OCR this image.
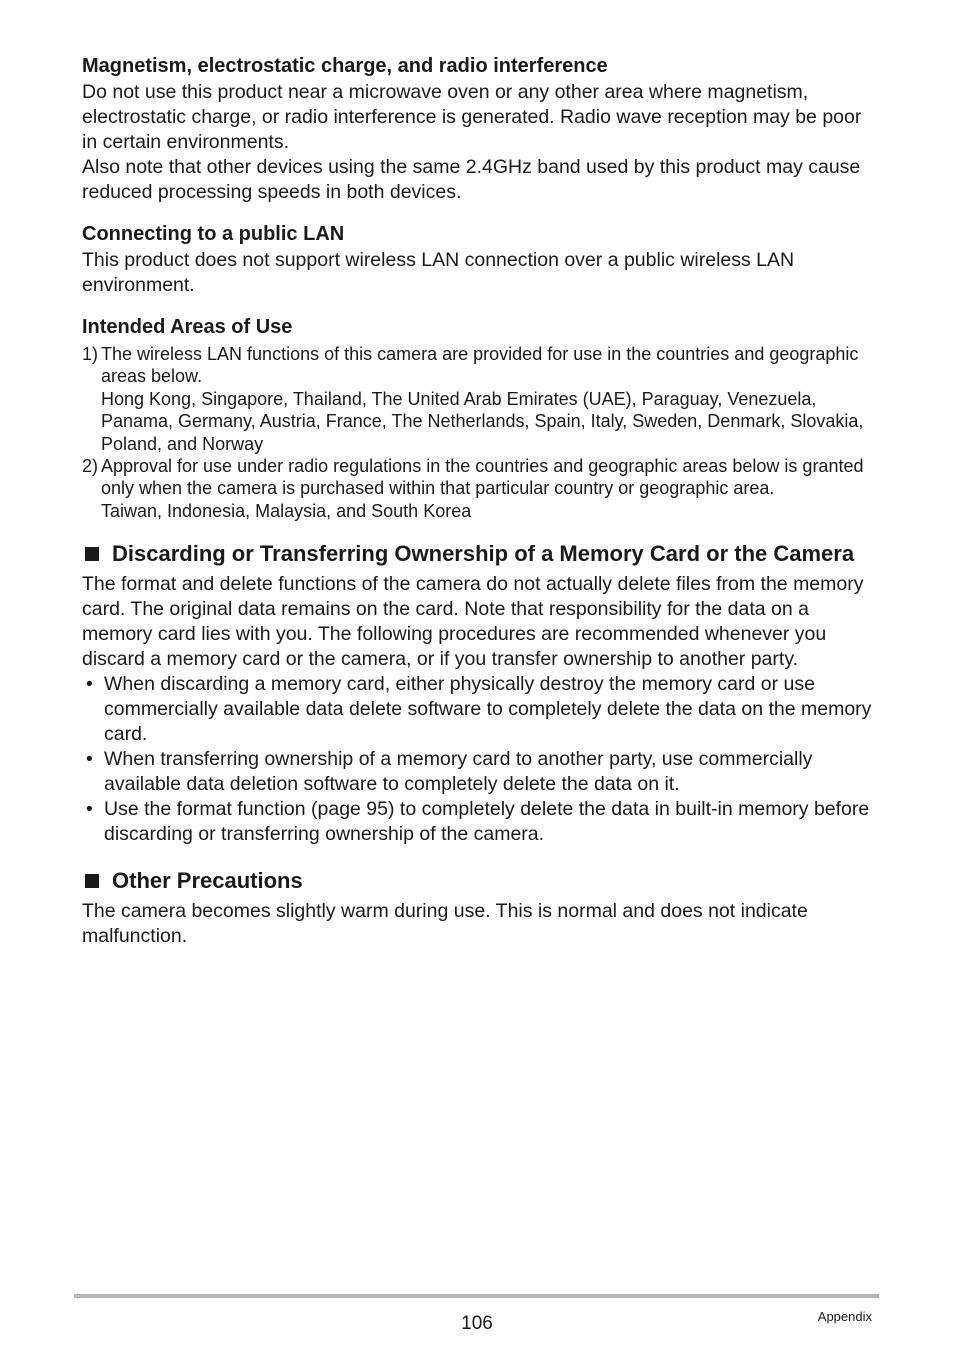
Magnetism, electrostatic charge, and radio interference

Do not use this product near a microwave oven or any other area where magnetism, electrostatic charge, or radio interference is generated. Radio wave reception may be poor in certain environments.

Also note that other devices using the same 2.4GHz band used by this product may cause reduced processing speeds in both devices.

Connecting to a public LAN

This product does not support wireless LAN connection over a public wireless LAN environment.

Intended Areas of Use
1) The wireless LAN functions of this camera are provided for use in the countries and geographic areas below.
Hong Kong, Singapore, Thailand, The United Arab Emirates (UAE), Paraguay, Venezuela, Panama, Germany, Austria, France, The Netherlands, Spain, Italy, Sweden, Denmark, Slovakia, Poland, and Norway
2) Approval for use under radio regulations in the countries and geographic areas below is granted only when the camera is purchased within that particular country or geographic area.
Taiwan, Indonesia, Malaysia, and South Korea
Discarding or Transferring Ownership of a Memory Card or the Camera

The format and delete functions of the camera do not actually delete files from the memory card. The original data remains on the card. Note that responsibility for the data on a memory card lies with you. The following procedures are recommended whenever you discard a memory card or the camera, or if you transfer ownership to another party.

• When discarding a memory card, either physically destroy the memory card or use commercially available data delete software to completely delete the data on the memory card.
• When transferring ownership of a memory card to another party, use commercially available data deletion software to completely delete the data on it.
• Use the format function (page 95) to completely delete the data in built-in memory before discarding or transferring ownership of the camera.
Other Precautions

The camera becomes slightly warm during use. This is normal and does not indicate malfunction.

106	Appendix
